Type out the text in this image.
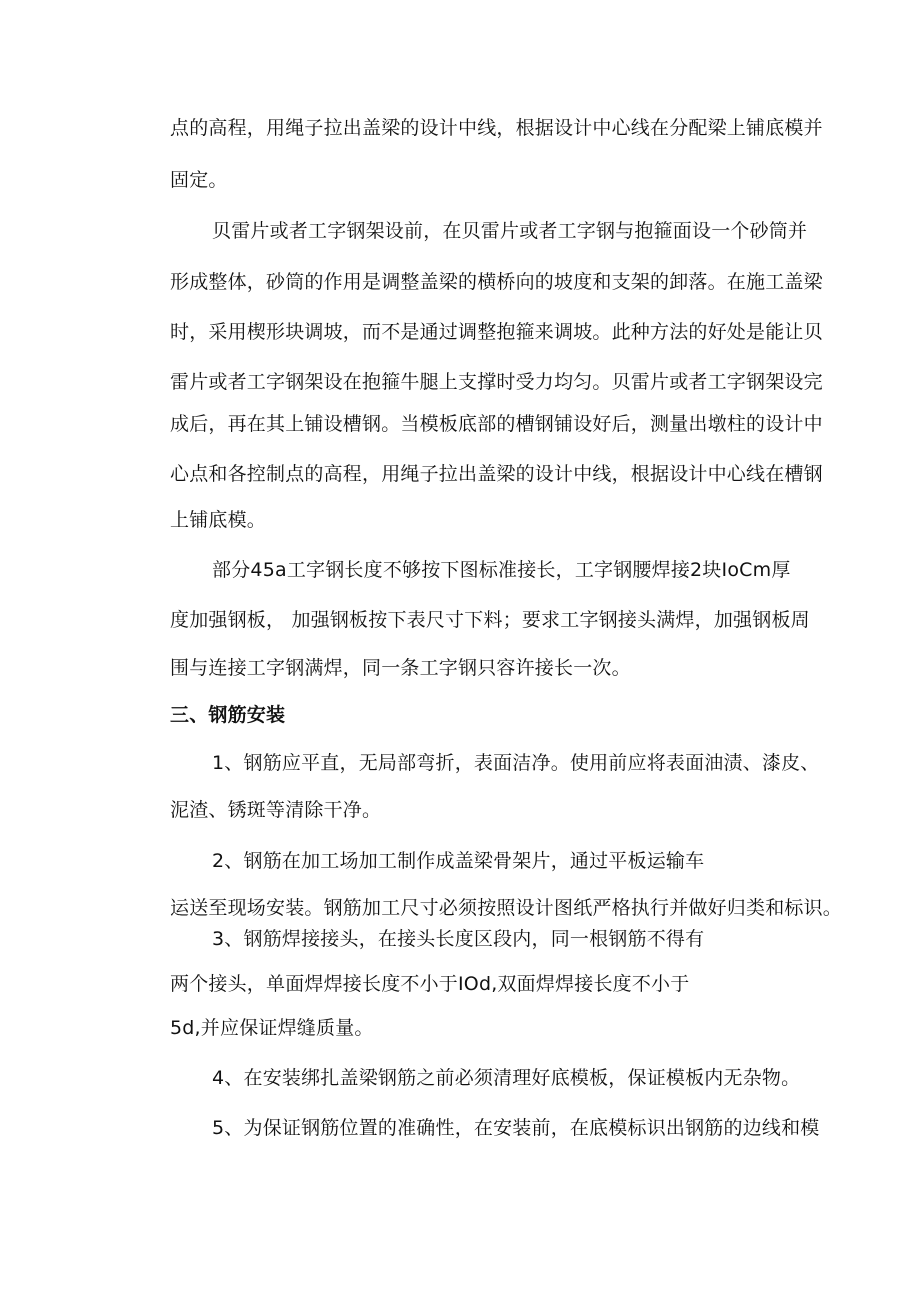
点的高程，用绳子拉出盖梁的设计中线，根据设计中心线在分配梁上铺底模并
固定。
贝雷片或者工字钢架设前，在贝雷片或者工字钢与抱箍面设一个砂筒并
形成整体，砂筒的作用是调整盖梁的横桥向的坡度和支架的卸落。在施工盖梁
时，采用楔形块调坡，而不是通过调整抱箍来调坡。此种方法的好处是能让贝
雷片或者工字钢架设在抱箍牛腿上支撑时受力均匀。贝雷片或者工字钢架设完
成后，再在其上铺设槽钢。当模板底部的槽钢铺设好后，测量出墩柱的设计中
心点和各控制点的高程，用绳子拉出盖梁的设计中线，根据设计中心线在槽钢
上铺底模。
部分45a工字钢长度不够按下图标准接长，工字钢腰焊接2块IoCm厚
度加强钢板， 加强钢板按下表尺寸下料；要求工字钢接头满焊，加强钢板周
围与连接工字钢满焊，同一条工字钢只容许接长一次。
三、钢筋安装
1、钢筋应平直，无局部弯折，表面洁净。使用前应将表面油渍、漆皮、
泥渣、锈斑等清除干净。
2、钢筋在加工场加工制作成盖梁骨架片，通过平板运输车
运送至现场安装。钢筋加工尺寸必须按照设计图纸严格执行并做好归类和标识。
3、钢筋焊接接头，在接头长度区段内，同一根钢筋不得有
两个接头，单面焊焊接长度不小于IOd,双面焊焊接长度不小于
5d,并应保证焊缝质量。
4、在安装绑扎盖梁钢筋之前必须清理好底模板，保证模板内无杂物。
5、为保证钢筋位置的准确性，在安装前，在底模标识出钢筋的边线和模
